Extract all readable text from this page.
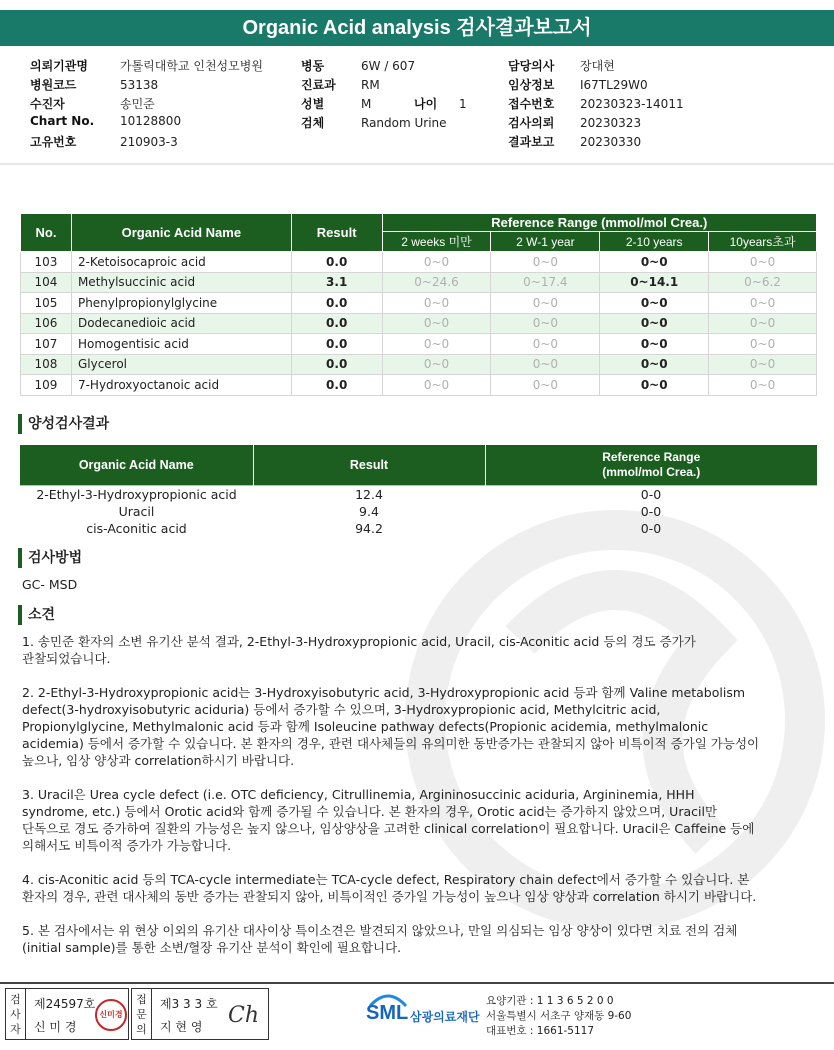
Organic Acid analysis 검사결과보고서
의뢰기관명	가톨릭대학교 인천성모병원
병원코드	53138
수진자	송민준
Chart No. 10128800
고유번호	210903-3
병동	6W / 607
진료과 RM
성별	M
검체	Random Urine
나이 1
담당의사 장대현
임상정보 I67TL29W0
접수번호 20230323-14011
검사의뢰 20230323
결과보고 20230330
No.	Organic Acid Name	Result	Reference Range (mmol/mol Crea.)			
			2 weeks 미만	2 W-1 year	2-10 years	10years초과
103	2-Ketoisocaproic acid	0.0	0~0	0~0	0~0	0~0
104	Methylsuccinic acid	3.1	0~24.6	0~17.4	0~14.1	0~6.2
105	Phenylpropionylglycine	0.0	0~0	0~0	0~0	0~0
106	Dodecanedioic acid	0.0	0~0	0~0	0~0	0~0
107	Homogentisic acid	0.0	0~0	0~0	0~0	0~0
108	Glycerol	0.0	0~0	0~0	0~0	0~0
109	7-Hydroxyoctanoic acid	0.0	0~0	0~0	0~0	0~0
양성검사결과
Organic Acid Name	Result	Reference Range
(mmol/mol Crea.)

2-Ethyl-3-Hydroxypropionic acid	12.4	0-0
Uracil	9.4	0-0
cis-Aconitic acid	94.2	0-0
검사방법
GC- MSD
소견
1. 송민준 환자의 소변 유기산 분석 결과, 2-Ethyl-3-Hydroxypropionic acid, Uracil, cis-Aconitic acid 등의 경도 증가가
관찰되었습니다.
2. 2-Ethyl-3-Hydroxypropionic acid는 3-Hydroxyisobutyric acid, 3-Hydroxypropionic acid 등과 함께 Valine metabolism
defect(3-hydroxyisobutyric aciduria) 등에서 증가할 수 있으며, 3-Hydroxypropionic acid, Methylcitric acid,
Propionylglycine, Methylmalonic acid 등과 함께 Isoleucine pathway defects(Propionic acidemia, methylmalonic
acidemia) 등에서 증가할 수 있습니다. 본 환자의 경우, 관련 대사체들의 유의미한 동반증가는 관찰되지 않아 비특이적 증가일 가능성이
높으나, 임상 양상과 correlation하시기 바랍니다.
3. Uracil은 Urea cycle defect (i.e. OTC deficiency, Citrullinemia, Argininosuccinic aciduria, Argininemia, HHH
syndrome, etc.) 등에서 Orotic acid와 함께 증가될 수 있습니다. 본 환자의 경우, Orotic acid는 증가하지 않았으며, Uracil만
단독으로 경도 증가하여 질환의 가능성은 높지 않으나, 임상양상을 고려한 clinical correlation이 필요합니다. Uracil은 Caffeine 등에
의해서도 비특이적 증가가 가능합니다.
4. cis-Aconitic acid 등의 TCA-cycle intermediate는 TCA-cycle defect, Respiratory chain defect에서 증가할 수 있습니다. 본
환자의 경우, 관련 대사체의 동반 증가는 관찰되지 않아, 비특이적인 증가일 가능성이 높으나 임상 양상과 correlation 하시기 바랍니다.
5. 본 검사에서는 위 현상 이외의 유기산 대사이상 특이소견은 발견되지 않았으나, 만일 의심되는 임상 양상이 있다면 치료 전의 검체
(initial sample)를 통한 소변/혈장 유기산 분석이 확인에 필요합니다.
검
사
자
제24597호
신 미 경
신미경
접
문
의
제3 3 3 호
지 현 영 Ch	SML 삼광의료재단
요양기관 : 1 1 3 6 5 2 0 0
서울특별시 서초구 양재동 9-60
대표번호 : 1661-5117
